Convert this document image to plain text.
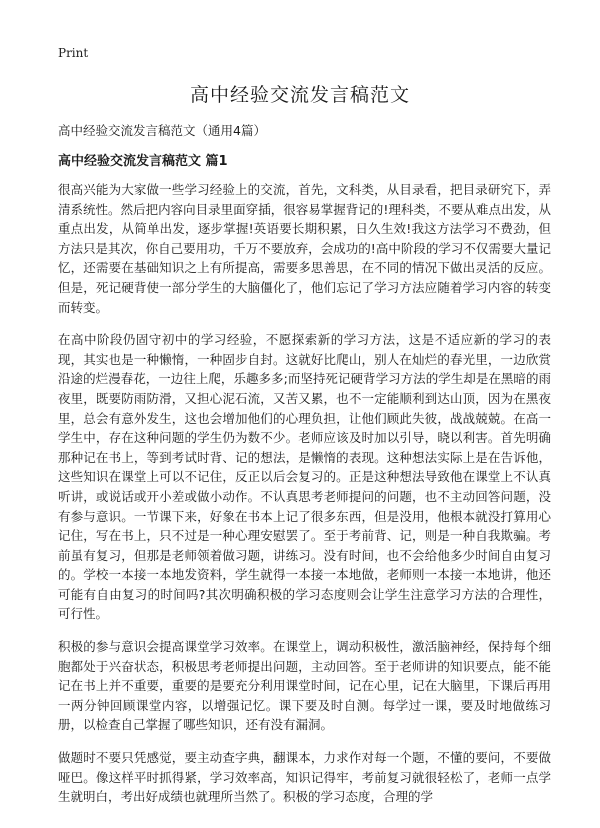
Print
高中经验交流发言稿范文

高中经验交流发言稿范文（通用4篇）

高中经验交流发言稿范文 篇1

很高兴能为大家做一些学习经验上的交流，首先，文科类，从目录看，把目录研究下，弄清系统性。然后把内容向目录里面穿插，很容易掌握背记的!理科类，不要从难点出发，从重点出发，从简单出发，逐步掌握!英语要长期积累，日久生效!我这方法学习不费劲，但方法只是其次，你自己要用功，千万不要放弃，会成功的!高中阶段的学习不仅需要大量记忆，还需要在基础知识之上有所提高，需要多思善思，在不同的情况下做出灵活的反应。但是，死记硬背使一部分学生的大脑僵化了，他们忘记了学习方法应随着学习内容的转变而转变。

在高中阶段仍固守初中的学习经验，不愿探索新的学习方法，这是不适应新的学习的表现，其实也是一种懒惰，一种固步自封。这就好比爬山，别人在灿烂的春光里，一边欣赏沿途的烂漫春花，一边往上爬，乐趣多多;而坚持死记硬背学习方法的学生却是在黑暗的雨夜里，既要防雨防滑，又担心泥石流，又苦又累，也不一定能顺利到达山顶，因为在黑夜里，总会有意外发生，这也会增加他们的心理负担，让他们顾此失彼，战战兢兢。在高一学生中，存在这种问题的学生仍为数不少。老师应该及时加以引导，晓以利害。首先明确那种记在书上，等到考试时背、记的想法，是懒惰的表现。这种想法实际上是在告诉他，这些知识在课堂上可以不记住，反正以后会复习的。正是这种想法导致他在课堂上不认真听讲，或说话或开小差或做小动作。不认真思考老师提问的问题，也不主动回答问题，没有参与意识。一节课下来，好象在书本上记了很多东西，但是没用，他根本就没打算用心记住，写在书上，只不过是一种心理安慰罢了。至于考前背、记，则是一种自我欺骗。考前虽有复习，但那是老师领着做习题，讲练习。没有时间，也不会给他多少时间自由复习的。学校一本接一本地发资料，学生就得一本接一本地做，老师则一本接一本地讲，他还可能有自由复习的时间吗?其次明确积极的学习态度则会让学生注意学习方法的合理性，可行性。

积极的参与意识会提高课堂学习效率。在课堂上，调动积极性，激活脑神经，保持每个细胞都处于兴奋状态，积极思考老师提出问题，主动回答。至于老师讲的知识要点，能不能记在书上并不重要，重要的是要充分利用课堂时间，记在心里，记在大脑里，下课后再用一两分钟回顾课堂内容，以增强记忆。课下要及时自测。每学过一课，要及时地做练习册，以检查自己掌握了哪些知识，还有没有漏洞。

做题时不要只凭感觉，要主动查字典，翻课本，力求作对每一个题，不懂的要问，不要做哑巴。像这样平时抓得紧，学习效率高，知识记得牢，考前复习就很轻松了，老师一点学生就明白，考出好成绩也就理所当然了。积极的学习态度，合理的学
